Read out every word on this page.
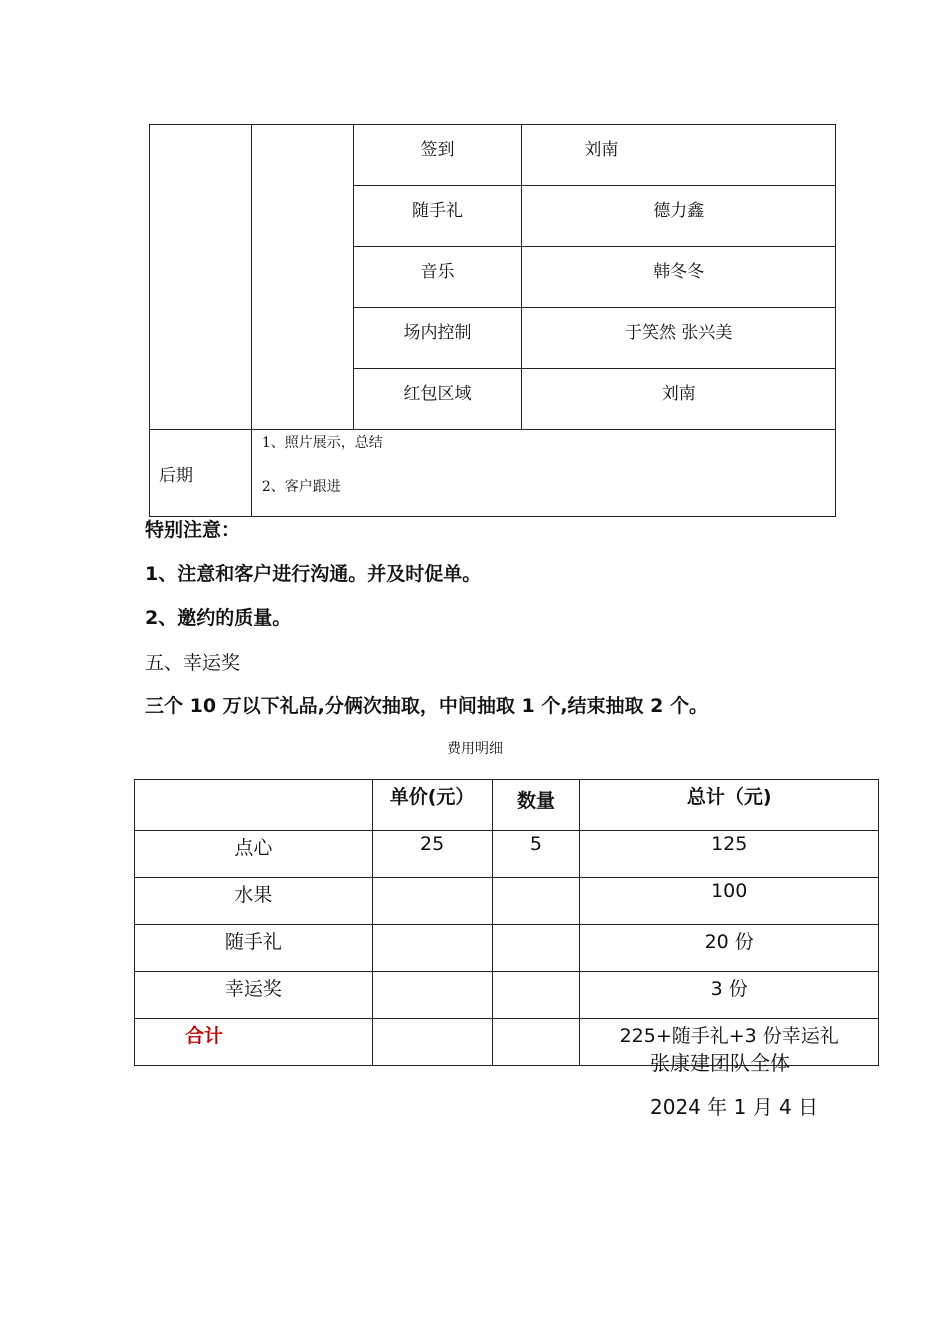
		签到	刘南
		随手礼	德力鑫
		音乐	韩冬冬
		场内控制	于笑然 张兴美
		红包区域	刘南
后期	1、照片展示，总结
2、客户跟进		
特别注意：
1、注意和客户进行沟通。并及时促单。
2、邀约的质量。
五、幸运奖
三个 10 万以下礼品,分俩次抽取，中间抽取 1 个,结束抽取 2 个。
费用明细
	单价(元）	数量	总计（元)
点心	25	5	125
水果			100
随手礼			20 份
幸运奖			3 份
合计			225+随手礼+3 份幸运礼
张康建团队全体
2024 年 1 月 4 日
